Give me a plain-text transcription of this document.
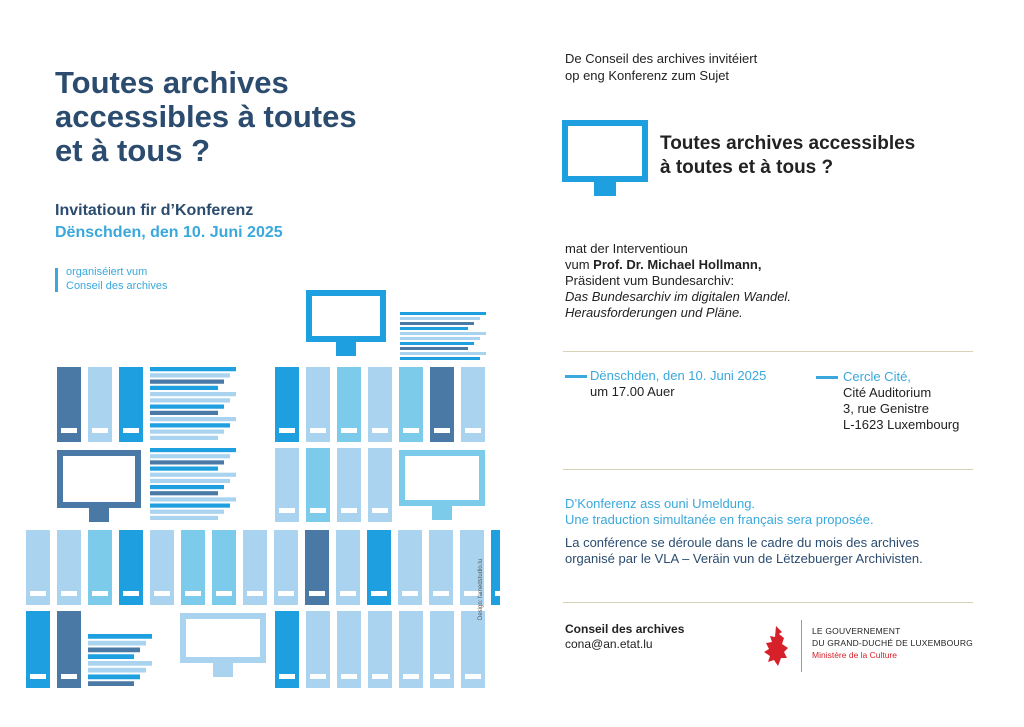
Toutes archives
accessibles à toutes
et à tous ?
Invitatioun fir d’Konferenz
Dënschden, den 10. Juni 2025
organiséiert vum
Conseil des archives
Design: famedstudio.lu
De Conseil des archives invitéiert
op eng Konferenz zum Sujet
Toutes archives accessibles
à toutes et à tous ?
mat der Interventioun
vum Prof. Dr. Michael Hollmann,
Präsident vum Bundesarchiv:
Das Bundesarchiv im digitalen Wandel.
Herausforderungen und Pläne.
Dënschden, den 10. Juni 2025
um 17.00 Auer
Cercle Cité,
Cité Auditorium
3, rue Genistre
L-1623 Luxembourg
D’Konferenz ass ouni Umeldung.
Une traduction simultanée en français sera proposée.
La conférence se déroule dans le cadre du mois des archives
organisé par le VLA – Veräin vun de Lëtzebuerger Archivisten.
Conseil des archives
cona@an.etat.lu
LE GOUVERNEMENT
DU GRAND-DUCHÉ DE LUXEMBOURG
Ministère de la Culture
